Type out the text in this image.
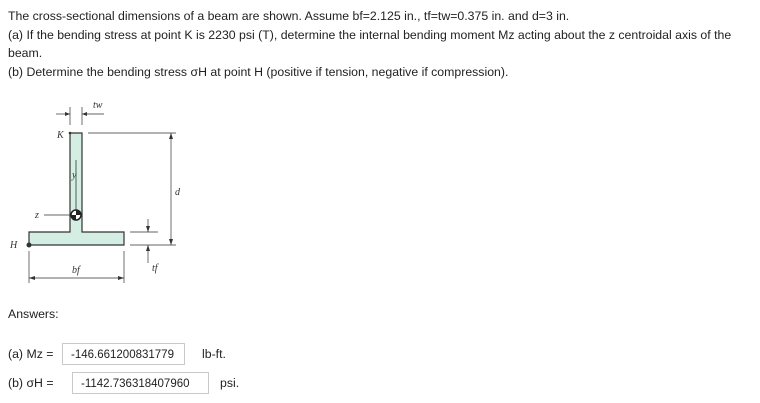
The cross-sectional dimensions of a beam are shown. Assume bf=2.125 in., tf=tw=0.375 in. and d=3 in.

(a) If the bending stress at point K is 2230 psi (T), determine the internal bending moment Mz acting about the z centroidal axis of the beam.

(b) Determine the bending stress σH at point H (positive if tension, negative if compression).

y
z
tw
K
d
tf
H
bf
Answers:
(a) Mz =	-146.661200831779	lb-ft.
(b) σH =	-1142.736318407960	psi.
